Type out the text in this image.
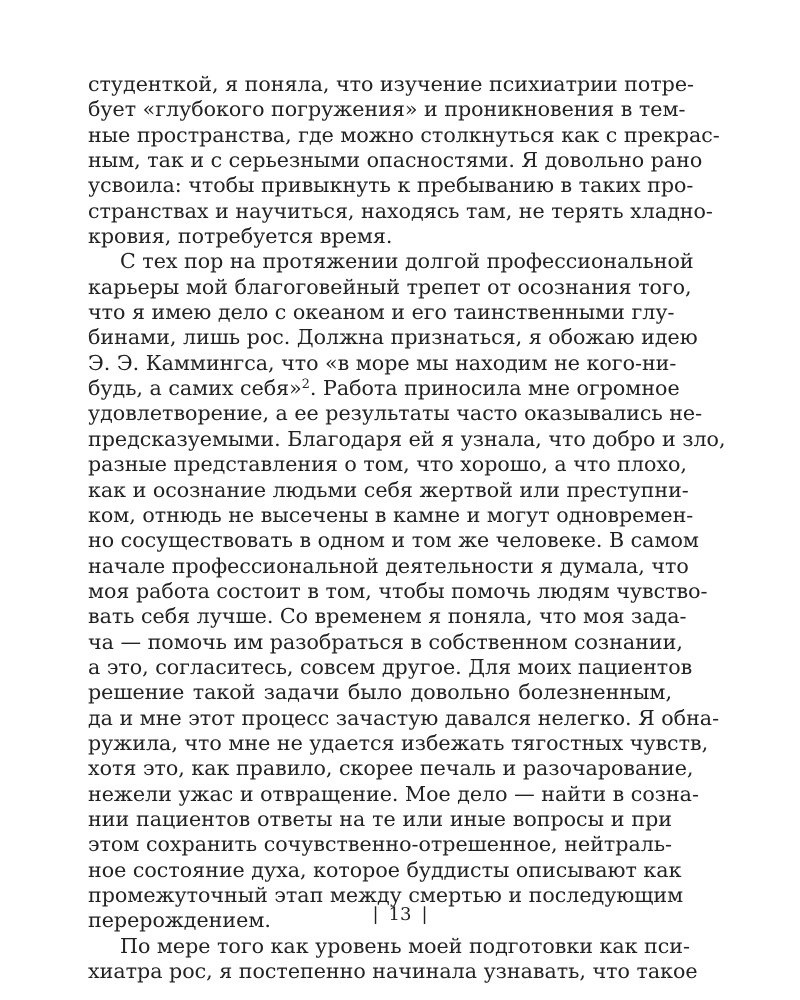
студенткой, я поняла, что изучение психиатрии потре-
бует «глубокого погружения» и проникновения в тем-
ные пространства, где можно столкнуться как с прекрас-
ным, так и с серьезными опасностями. Я довольно рано
усвоила: чтобы привыкнуть к пребыванию в таких про-
странствах и научиться, находясь там, не терять хладно-
кровия, потребуется время.
С тех пор на протяжении долгой профессиональной
карьеры мой благоговейный трепет от осознания того,
что я имею дело с океаном и его таинственными глу-
бинами, лишь рос. Должна признаться, я обожаю идею
Э. Э. Каммингса, что «в море мы находим не кого-ни-
будь, а самих себя»$^2$. Работа приносила мне огромное
удовлетворение, а ее результаты часто оказывались не-
предсказуемыми. Благодаря ей я узнала, что добро и зло,
разные представления о том, что хорошо, а что плохо,
как и осознание людьми себя жертвой или преступни-
ком, отнюдь не высечены в камне и могут одновремен-
но сосуществовать в одном и том же человеке. В самом
начале профессиональной деятельности я думала, что
моя работа состоит в том, чтобы помочь людям чувство-
вать себя лучше. Со временем я поняла, что моя зада-
ча — помочь им разобраться в собственном сознании,
а это, согласитесь, совсем другое. Для моих пациентов
решение такой задачи было довольно болезненным,
да и мне этот процесс зачастую давался нелегко. Я обна-
ружила, что мне не удается избежать тягостных чувств,
хотя это, как правило, скорее печаль и разочарование,
нежели ужас и отвращение. Мое дело — найти в созна-
нии пациентов ответы на те или иные вопросы и при
этом сохранить сочувственно-отрешенное, нейтраль-
ное состояние духа, которое буддисты описывают как
промежуточный этап между смертью и последующим
перерождением.
По мере того как уровень моей подготовки как пси-
хиатра рос, я постепенно начинала узнавать, что такое
| 13 |
